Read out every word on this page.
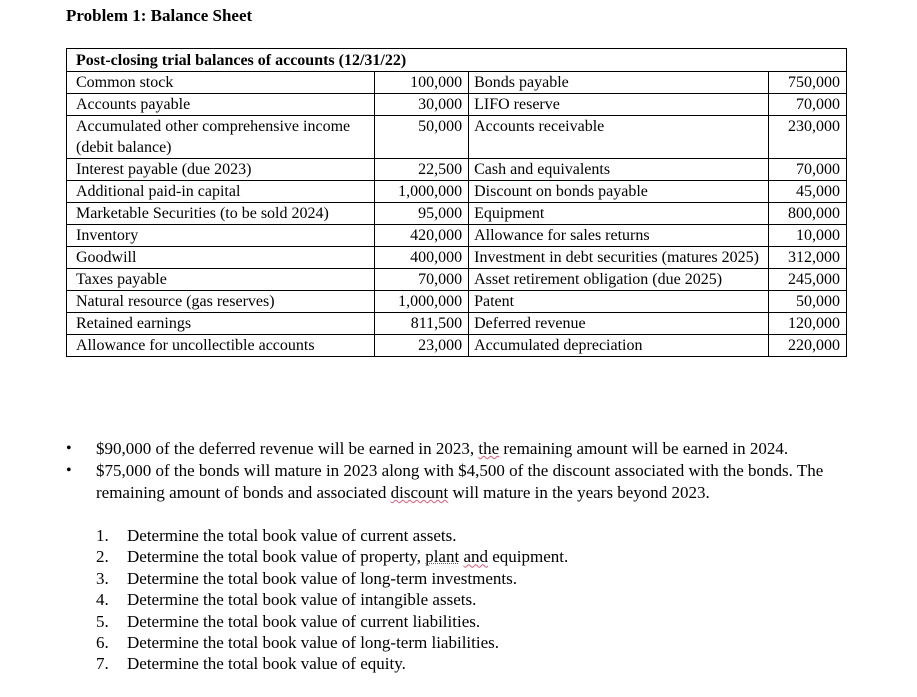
Problem 1: Balance Sheet
Post-closing trial balances of accounts (12/31/22)			
Common stock	100,000	Bonds payable	750,000
Accounts payable	30,000	LIFO reserve	70,000
Accumulated other comprehensive income (debit balance)	50,000	Accounts receivable	230,000
Interest payable (due 2023)	22,500	Cash and equivalents	70,000
Additional paid-in capital	1,000,000	Discount on bonds payable	45,000
Marketable Securities (to be sold 2024)	95,000	Equipment	800,000
Inventory	420,000	Allowance for sales returns	10,000
Goodwill	400,000	Investment in debt securities (matures 2025)	312,000
Taxes payable	70,000	Asset retirement obligation (due 2025)	245,000
Natural resource (gas reserves)	1,000,000	Patent	50,000
Retained earnings	811,500	Deferred revenue	120,000
Allowance for uncollectible accounts	23,000	Accumulated depreciation	220,000
• $90,000 of the deferred revenue will be earned in 2023, the remaining amount will be earned in 2024.
• $75,000 of the bonds will mature in 2023 along with $4,500 of the discount associated with the bonds. The remaining amount of bonds and associated discount will mature in the years beyond 2023.
1. Determine the total book value of current assets.
2. Determine the total book value of property, plant and equipment.
3. Determine the total book value of long-term investments.
4. Determine the total book value of intangible assets.
5. Determine the total book value of current liabilities.
6. Determine the total book value of long-term liabilities.
7. Determine the total book value of equity.
